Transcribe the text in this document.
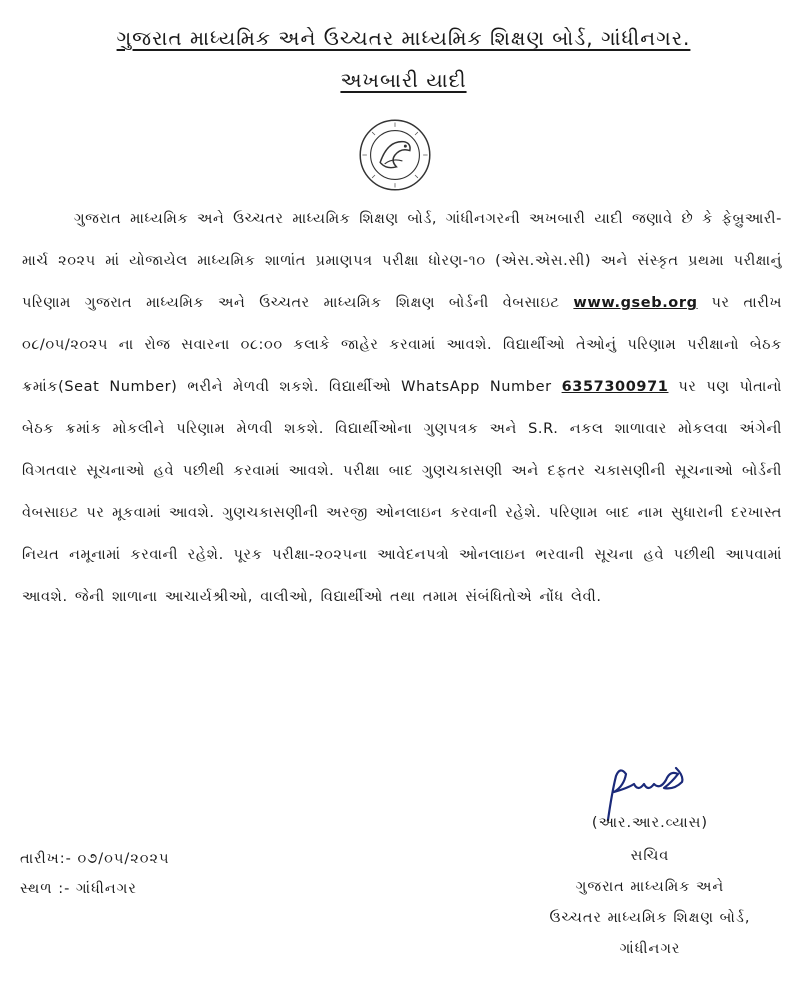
ગુજરાત માધ્યમિક અને ઉચ્ચતર માધ્યમિક શિક્ષણ બોર્ડ, ગાંધીનગર.
અખબારી યાદી
ગુજરાત માધ્યમિક અને ઉચ્ચતર માધ્યમિક શિક્ષણ બોર્ડ, ગાંધીનગરની અખબારી યાદી જણાવે છે કે ફેબ્રુઆરી-માર્ચ ૨૦૨૫ માં યોજાયેલ માધ્યમિક શાળાંત પ્રમાણપત્ર પરીક્ષા ધોરણ-૧૦ (એસ.એસ.સી) અને સંસ્કૃત પ્રથમા પરીક્ષાનું પરિણામ ગુજરાત માધ્યમિક અને ઉચ્ચતર માધ્યમિક શિક્ષણ બોર્ડની વેબસાઇટ www.gseb.org પર તારીખ ૦૮/૦૫/૨૦૨૫ ના રોજ સવારના ૦૮:૦૦ કલાકે જાહેર કરવામાં આવશે. વિદ્યાર્થીઓ તેઓનું પરિણામ પરીક્ષાનો બેઠક ક્રમાંક(Seat Number) ભરીને મેળવી શકશે. વિદ્યાર્થીઓ WhatsApp Number 6357300971 પર પણ પોતાનો બેઠક ક્રમાંક મોકલીને પરિણામ મેળવી શકશે. વિદ્યાર્થીઓના ગુણપત્રક અને S.R. નકલ શાળાવાર મોકલવા અંગેની વિગતવાર સૂચનાઓ હવે પછીથી કરવામાં આવશે. પરીક્ષા બાદ ગુણચકાસણી અને દફતર ચકાસણીની સૂચનાઓ બોર્ડની વેબસાઇટ પર મૂકવામાં આવશે. ગુણચકાસણીની અરજી ઓનલાઇન કરવાની રહેશે. પરિણામ બાદ નામ સુધારાની દરખાસ્ત નિયત નમૂનામાં કરવાની રહેશે. પૂરક પરીક્ષા-૨૦૨૫ના આવેદનપત્રો ઓનલાઇન ભરવાની સૂચના હવે પછીથી આપવામાં આવશે. જેની શાળાના આચાર્યશ્રીઓ, વાલીઓ, વિદ્યાર્થીઓ તથા તમામ સંબંધિતોએ નોંધ લેવી.
(આર.આર.વ્યાસ)
સચિવ
ગુજરાત માધ્યમિક અને
ઉચ્ચતર માધ્યમિક શિક્ષણ બોર્ડ,
ગાંધીનગર
તારીખ:- ૦૭/૦૫/૨૦૨૫
સ્થળ :- ગાંધીનગર
